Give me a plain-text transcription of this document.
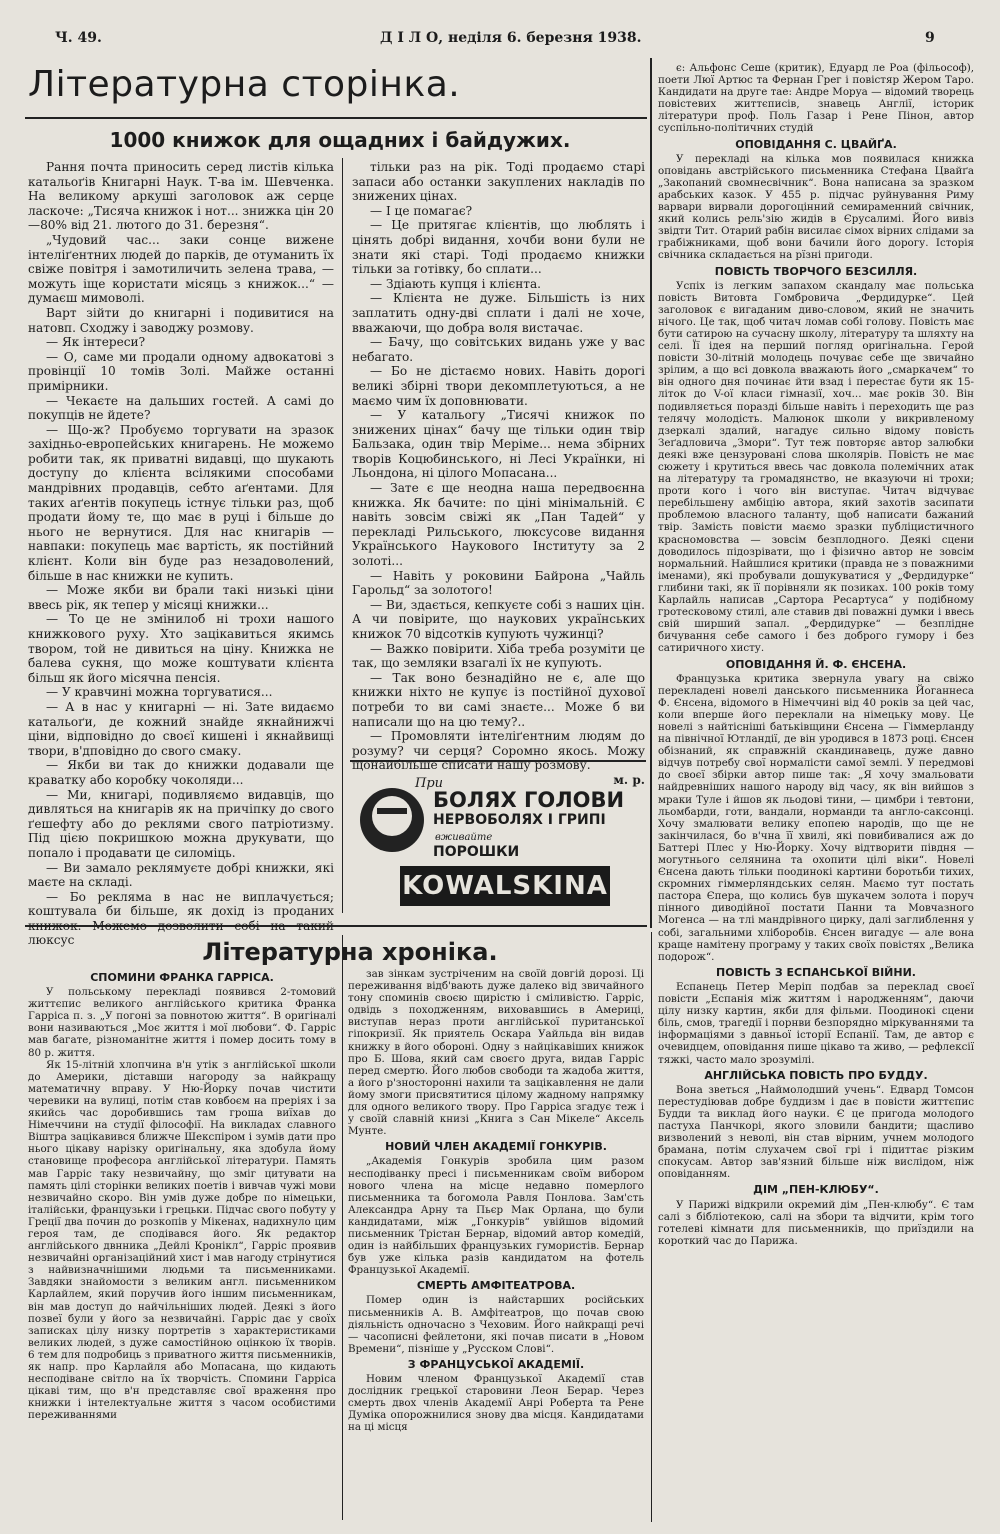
Ч. 49.	Д І Л О, неділя 6. березня 1938.	9
Літературна сторінка.
1000 книжок для ощадних і байдужих.

Рання почта приносить серед листів кілька катальоґів Книгарні Наук. Т-ва ім. Шевченка. На великому аркуші заголовок аж серце ласкоче: „Тисяча книжок і нот... знижка цін 20—80% від 21. лютого до 31. березня“.

„Чудовий час... заки сонце вижене інтеліґентних людей до парків, де отуманить їх свіже повітря і замотиличить зелена трава, — можуть іще користати місяць з книжок...“ — думаєш мимоволі.

Варт зійти до книгарні і подивитися на натовп. Сходжу і заводжу розмову.

— Як інтереси?

— О, саме ми продали одному адвокатові з провінції 10 томів Золі. Майже останні примірники.

— Чекаєте на дальших гостей. А самі до покупців не йдете?

— Що-ж? Пробуємо торгувати на зразок західньо-европейських книгарень. Не можемо робити так, як приватні видавці, що шукають доступу до клієнта всілякими способами мандрівних продавців, себто аґентами. Для таких аґентів покупець істнує тільки раз, щоб продати йому те, що має в руці і більше до нього не вернутися. Для нас книгарів — навпаки: покупець має вартість, як постійний клієнт. Коли він буде раз незадоволений, більше в нас книжки не купить.

— Може якби ви брали такі низькі ціни ввесь рік, як тепер у місяці книжки...

— То це не змінилоб ні трохи нашого книжкового руху. Хто зацікавиться якимсь твором, той не дивиться на ціну. Книжка не балева сукня, що може коштувати клієнта більш як його місячна пенсія.

— У кравчині можна торгуватися...

— А в нас у книгарні — ні. Зате видаємо катальоґи, де кожний знайде якнайнижчі ціни, відповідно до своєї кишені і якнайвищі твори, в'дповідно до свого смаку.

— Якби ви так до книжки додавали ще краватку або коробку чоколяди...

— Ми, книгарі, подивляємо видавців, що дивляться на книгарів як на причіпку до свого ґешефту або до реклями свого патріотизму. Під цією покришкою можна друкувати, що попало і продавати це силоміць.

— Ви замало реклямуєте добрі книжки, які маєте на складі.

— Бо рекляма в нас не виплачується; коштувала би більше, як дохід із проданих книжок. Можемо дозволити собі на такий люксус

тільки раз на рік. Тоді продаємо старі запаси або останки закуплених накладів по знижених цінах.

— І це помагає?

— Це притягає клієнтів, що люблять і цінять добрі видання, хочби вони були не знати які старі. Тоді продаємо книжки тільки за готівку, бо сплати...

— Здіають купця і клієнта.

— Клієнта не дуже. Більшість із них заплатить одну-дві сплати і далі не хоче, вважаючи, що добра воля вистачає.

— Бачу, що совітських видань уже у вас небагато.

— Бо не дістаємо нових. Навіть дорогі великі збірні твори декомплетуються, а не маємо чим їх доповнювати.

— У катальогу „Тисячі книжок по знижених цінах“ бачу ще тільки один твір Бальзака, один твір Меріме... нема збірних творів Коцюбинського, ні Лесі Українки, ні Льондона, ні цілого Мопасана...

— Зате є ще неодна наша передвоєнна книжка. Як бачите: по ціні мінімальній. Є навіть зовсім свіжі як „Пан Тадей“ у перекладі Рильського, люксусове видання Українського Наукового Інституту за 2 золоті...

— Навіть у роковини Байрона „Чайль Гарольд“ за золотого!

— Ви, здається, кепкуєте собі з наших цін. А чи повірите, що наукових українських книжок 70 відсотків купують чужинці?

— Важко повірити. Хіба треба розуміти це так, що земляки взагалі їх не купують.

— Так воно безнадійно не є, але що книжки ніхто не купує із постійної духової потреби то ви самі знаєте... Може б ви написали що на цю тему?..

— Промовляти інтеліґентним людям до розуму? чи серця? Соромно якось. Можу щонайбільше списати нашу розмову.

м. р.
При
БОЛЯХ ГОЛОВИ
НЕРВОБОЛЯХ І ГРИПІ
вживайте
ПОРОШКИ
KOWALSKINA
Літературна хроніка.
СПОМИНИ ФРАНКА ГАРРІСА.

У польському перекладі появився 2-томовий життєпис великого англійського критика Франка Гарріса п. з. „У погоні за повнотою життя“. В оригіналі вони називаються „Моє життя і мої любови“. Ф. Гарріс мав багате, різноманітне життя і помер досить тому в 80 р. життя.

Як 15-літній хлопчина в'н утік з англійської школи до Америки, діставши нагороду за найкращу математичну вправу. У Ню-Йорку почав чистити черевики на вулиці, потім став ковбоєм на преріях і за якийсь час доробившись там гроша виїхав до Німеччини на студії філософії. На викладах славного Віштра зацікавився ближче Шекспіром і зумів дати про нього цікаву нарізку оригінальну, яка здобула йому становище професора англійської літератури. Память мав Гарріс таку незвичайну, що зміг цитувати на память цілі сторінки великих поетів і вивчав чужі мови незвичайно скоро. Він умів дуже добре по німецьки, італійськи, французьки і грецьки. Підчас свого побуту у Греції два почин до розкопів у Мікенах, надихнуло цим героя там, де сподівався його. Як редактор англійського двнника „Дейлі Кронікл“, Гарріс проявив незвичайні організаційний хист і мав нагоду стрінутися з найвизначнішими людьми та письменниками. Завдяки знайомости з великим англ. письменником Карлайлем, який поручив його іншим письменникам, він мав доступ до найчільніших людей. Деякі з його позвеї були у його за незвичайні. Гарріс дає у своїх записках цілу низку портретів з характеристиками великих людей, з дуже самостійною оцінкою їх творів. 6 тем для подробиць з приватного життя письменників, як напр. про Карлайля або Мопасана, що кидають несподіване світло на їх творчість. Спомини Гарріса цікаві тим, що в'н представляє свої враження про книжки і інтелектуальне життя з часом особистими переживаннями

зав зінкам зустріченим на своїй довгій дорозі. Ці переживання відб'вають дуже далеко від звичайного тону споминів своєю щирістю і сміливістю. Гарріс, одвідь з походженням, виховавшись в Америці, виступав нераз проти англійської пуританської гіпокризії. Як приятель Оскара Уайльда він видав книжку в його обороні. Одну з найцікавіших книжок про Б. Шова, який сам своєго друга, видав Гарріс перед смертю. Його любов свободи та жадоба життя, а його р'зносторонні нахили та зацікавлення не дали йому змоги присвятитися цілому жадному напрямку для одного великого твору. Про Гарріса згадує теж і у своїй славній книзі „Книга з Сан Мікеле“ Аксель Мунте.

НОВИЙ ЧЛЕН АКАДЕМІЇ ГОНКУРІВ.

„Академія Гонкурів зробила цим разом несподіванку пресі і письменникам своїм вибором нового члена на місце недавно померлого письменника та богомола Равля Понлова. Зам'сть Александра Арну та Пьєр Мак Орлана, що були кандидатами, між „Гонкурів“ увійшов відомий письменник Трістан Бернар, відомий автор комедій, один із найбільших французьких гумористів. Бернар був уже кілька разів кандидатом на фотель Французької Академії.

СМЕРТЬ АМФІТЕАТРОВА.

Помер один із найстарших російських письменників А. В. Амфітеатров, що почав свою діяльність одночасно з Чеховим. Його найкращі речі — часописні фейлетони, які почав писати в „Новом Времени“, пізніше у „Русском Слові“.

З ФРАНЦУСЬКОЇ АКАДЕМІЇ.

Новим членом Французької Академії став дослідник грецької старовини Леон Берар. Через смерть двох членів Академії Анрі Роберта та Рене Думіка опорожнилися знову два місця. Кандидатами на ці місця

є: Альфонс Сеше (критик), Едуард ле Роа (фільософ), поети Люї Артюс та Фернан Грег і повістяр Жером Таро. Кандидати на друге тае: Андре Моруа — відомий творець повістевих життєписів, знавець Англії, історик літератури проф. Поль Газар і Рене Пінон, автор суспільно-політичних студій

ОПОВІДАННЯ С. ЦВАЙҐА.

У перекладі на кілька мов появилася книжка оповідань австрійського письменника Стефана Цвайґа „Закопаний свомнесвічник“. Вона написана за зразком арабських казок. У 455 р. підчас руйнування Риму варвари вирвали дорогоцінний семираменний свічник, який колись рель'зію жидів в Єрусалимі. Його вивіз звідти Тит. Отарий рабін висилає сімох вірних слідами за грабіжниками, щоб вони бачили його дорогу. Історія свічника складається на рїзні пригоди.

ПОВІСТЬ ТВОРЧОГО БЕЗСИЛЛЯ.

Успіх із легким запахом скандалу має польська повість Витовта Гомбровича „Фердидурке“. Цей заголовок є вигаданим диво-словом, який не значить нічого. Це так, щоб читач ломав собі голову. Повість має бути сатирою на сучасну школу, літературу та шляхту на селі. Її ідея на перший погляд оригінальна. Герой повісти 30-літній молодець почуває себе ще звичайно зрілим, а що всі довкола вважають його „смаркачем“ то він одного дня починає йти взад і перестає бути як 15-літок до V-ої класи гімназії, хоч... має років 30. Він подивляється поразді більше навіть і переходить ще раз телячу молодість. Малюнок школи у викривленому дзеркалі здалий, нагадує сильно відому повість Зеґадловича „Змори“. Тут теж повторяє автор залюбки деякі вже цензуровані слова школярів. Повість не має сюжету і крутиться ввесь час довкола полемічних атак на літературу та громадянство, не вказуючи ні трохи; проти кого і чого він виступає. Читач відчуває перебільшену амбіцію автора, який захотів засипати проблемою власного таланту, щоб написати бажаний твір. Замість повісти маємо зразки публіцистичного красномовства — зовсім безплодного. Деякі сцени доводилось підозрівати, що і фізично автор не зовсім нормальний. Найшлися критики (правда не з поважними іменами), які пробували дошукуватися у „Фердидурке“ глибини такі, як її порівняли як позиках. 100 років тому Карлайль написав „Сартора Ресартуса“ у подібному гротесковому стилі, але ставив дві поважні думки і ввесь свій ширший запал. „Фердидурке“ — безплідне бичування себе самого і без доброго гумору і без сатиричного хисту.

ОПОВІДАННЯ Й. Ф. ЄНСЕНА.

Французька критика звернула увагу на свіжо перекладені новелі данського письменника Йоганнеса Ф. Єнсена, відомого в Німеччині від 40 років за цей час, коли вперше його переклали на німецьку мову. Це новелі з найтісніші батьківщини Єнсена — Гіммерланду на північної Ютландії, де він уродився в 1873 році. Єнсен обізнаний, як справжній скандинавець, дуже давно відчув потребу свої нормалісти самої землі. У передмові до своєї збірки автор пише так: „Я хочу змальовати найдревніших нашого народу від часу, як він вийшов з мраки Туле і йшов як льодові тини, — цимбри і тевтони, льомбарди, готи, вандали, норманди та англо-саксонці. Хочу змалювати велику епопею народів, що ще не закінчилася, бо в'чна її хвилі, які повибивалися аж до Баттері Плес у Ню-Йорку. Хочу відтворити півдня — могутнього селянина та охопити цілі віки“. Новелі Єнсена дають тільки поодинокі картини боротьби тихих, скромних гіммерляндських селян. Маємо тут постать пастора Єпера, що колись був шукачем золота і поруч пінного диводійної постати Панни та Мовчазного Могенса — на тлі мандрівного цирку, далі заглиблення у собі, загальними хліборобів. Єнсен вигадує — але вона краще намітену програму у таких своїх повістях „Велика подорож“.

ПОВІСТЬ З ЕСПАНСЬКОЇ ВІЙНИ.

Еспанець Петер Меріп подбав за переклад своєї повісти „Еспанія між життям і народженням“, даючи цілу низку картин, якби для фільми. Поодинокі сцени біль, смов, трагедії і порнви безпорядно міркуваннями та інформаціями з давньої історії Еспанії. Там, де автор є очевидцем, оповідання пише цікаво та живо, — рефлексії тяжкі, часто мало зрозумілі.

АНГЛІЙСЬКА ПОВІСТЬ ПРО БУДДУ.

Вона зветься „Наймолодший учень“. Едвард Томсон перестудіював добре буддизм і дає в повісти життєпис Будди та виклад його науки. Є це пригода молодого пастуха Панчкорі, якого зловили бандити; щасливо визволений з неволі, він став вірним, учнем молодого брамана, потім слухачем свої грі і підиттає різким спокусам. Автор зав'язний більше ніж вислідом, ніж оповіданням.

ДІМ „ПЕН-КЛЮБУ“.

У Парижі відкрили окремий дім „Пен-клюбу“. Є там салі з бібліотекою, салі на збори та відчити, крім того готелеві кімнати для письменників, що приїздили на короткий час до Парижа.
